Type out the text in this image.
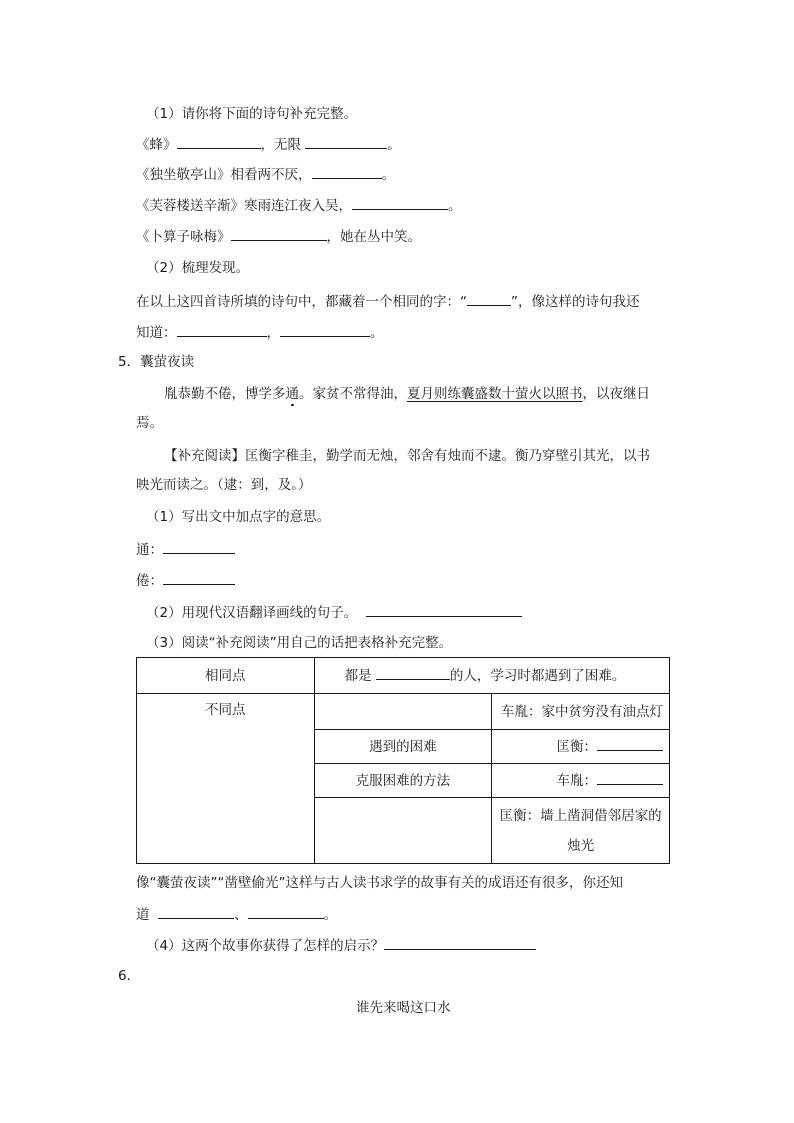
（1）请你将下面的诗句补充完整。
《蜂》	，无限	。
《独坐敬亭山》相看两不厌，	。
《芙蓉楼送辛渐》寒雨连江夜入吴，	。
《卜算子咏梅》	，她在丛中笑。
（2）梳理发现。
在以上这四首诗所填的诗句中，都藏着一个相同的字：“	”，像这样的诗句我还
知道：	，	。
5．囊萤夜读
胤恭勤不倦，博学多通。家贫不常得油，夏月则练囊盛数十萤火以照书，以夜继日
焉。
【补充阅读】匡衡字稚圭，勤学而无烛，邻舍有烛而不逮。衡乃穿壁引其光，以书
映光而读之。（逮：到，及。）
（1）写出文中加点字的意思。
通：
倦：
（2）用现代汉语翻译画线的句子。
（3）阅读“补充阅读”用自己的话把表格补充完整。
相同点	都是 的人，学习时都遇到了困难。	
不同点		车胤：家中贫穷没有油点灯
	遇到的困难	匡衡：
	克服困难的方法	车胤：
		匡衡：墙上凿洞借邻居家的
烛光
像“囊萤夜读”“凿壁偷光”这样与古人读书求学的故事有关的成语还有很多，你还知
道	、	。
（4）这两个故事你获得了怎样的启示？
6．
谁先来喝这口水
